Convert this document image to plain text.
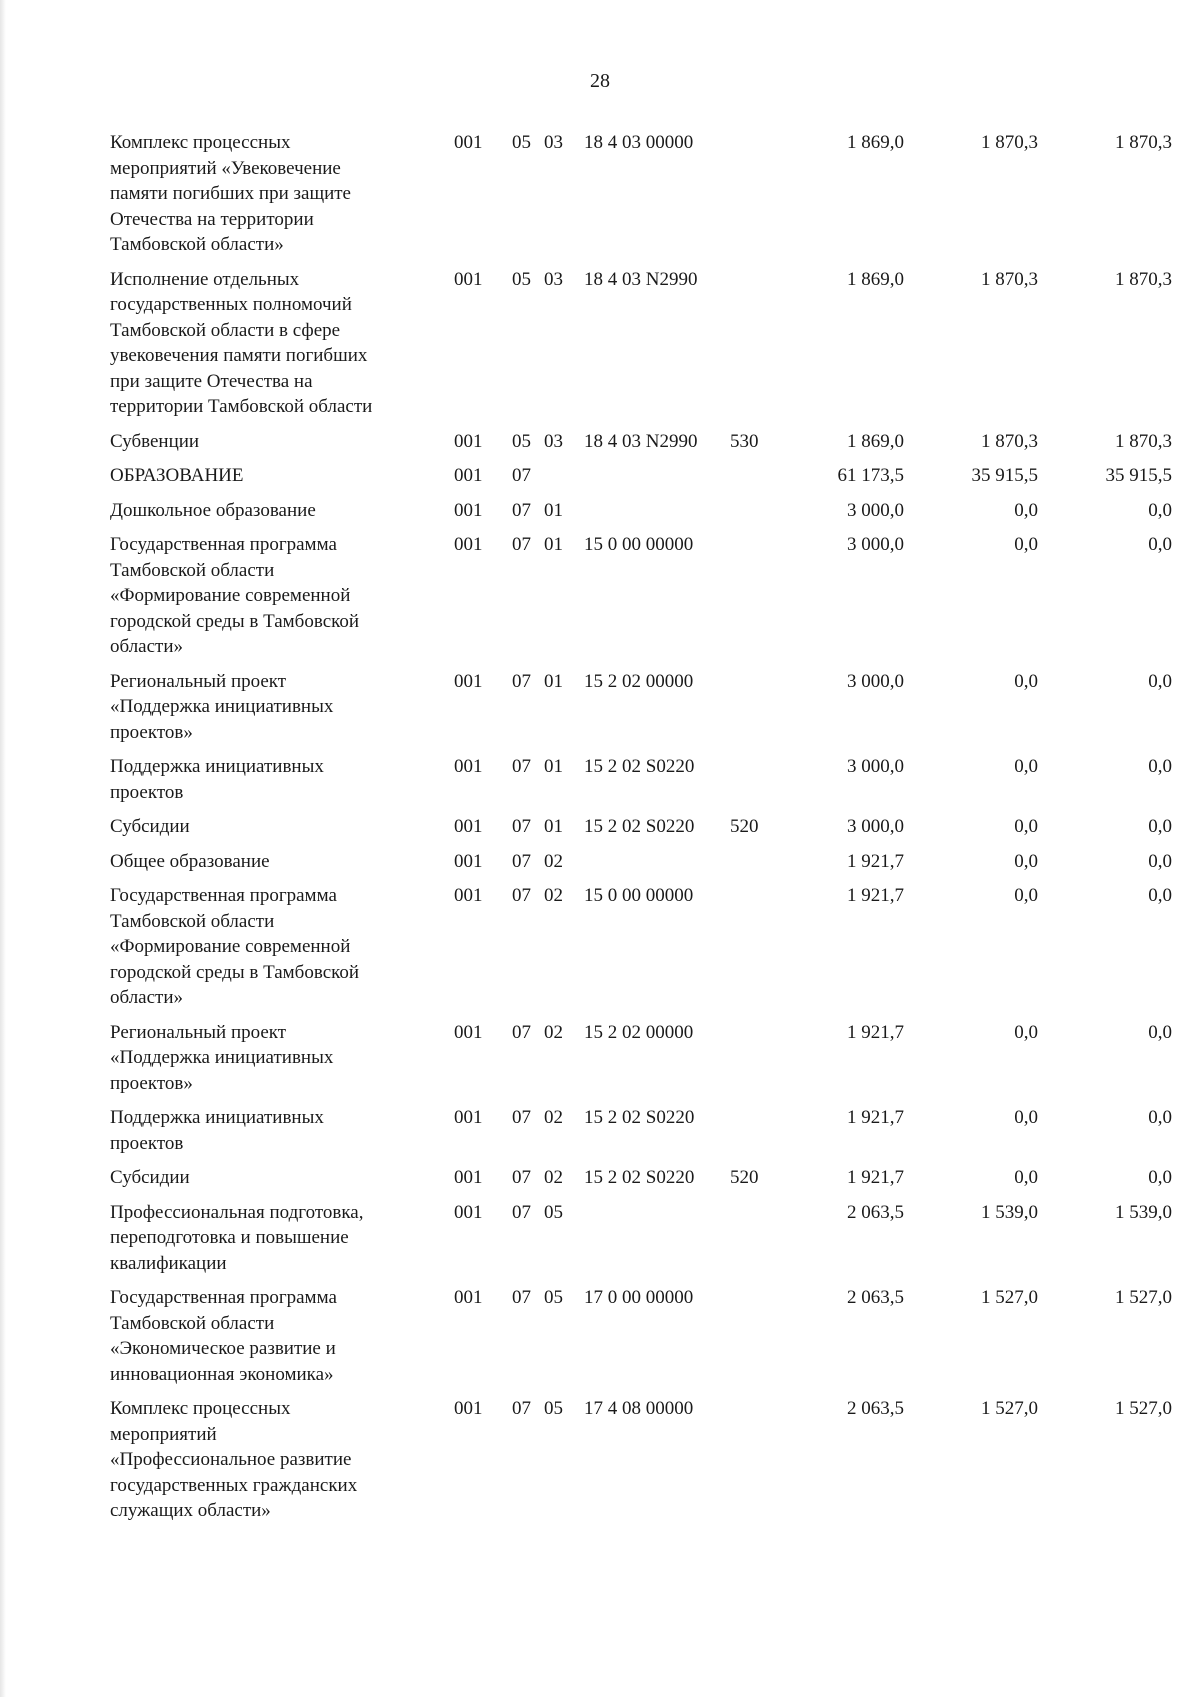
28
Комплекс процессных
мероприятий «Увековечение
памяти погибших при защите
Отечества на территории
Тамбовской области»
001	05 03	18 4 03 00000	1 869,0	1 870,3	1 870,3
Исполнение отдельных
государственных полномочий
Тамбовской области в сфере
увековечения памяти погибших
при защите Отечества на
территории Тамбовской области
001	05 03	18 4 03 N2990	1 869,0	1 870,3	1 870,3
Субвенции	001	05 03	18 4 03 N2990	530	1 869,0	1 870,3	1 870,3
ОБРАЗОВАНИЕ	001	07	61 173,5	35 915,5	35 915,5
Дошкольное образование	001	07 01	3 000,0	0,0	0,0
Государственная программа
Тамбовской области
«Формирование современной
городской среды в Тамбовской
области»
001	07 01	15 0 00 00000	3 000,0	0,0	0,0
Региональный проект
«Поддержка инициативных
проектов»
001	07 01	15 2 02 00000	3 000,0	0,0	0,0
Поддержка инициативных
проектов
001	07 01	15 2 02 S0220	3 000,0	0,0	0,0
Субсидии	001	07 01	15 2 02 S0220	520	3 000,0	0,0	0,0
Общее образование	001	07 02	1 921,7	0,0	0,0
Государственная программа
Тамбовской области
«Формирование современной
городской среды в Тамбовской
области»
001	07 02	15 0 00 00000	1 921,7	0,0	0,0
Региональный проект
«Поддержка инициативных
проектов»
001	07 02	15 2 02 00000	1 921,7	0,0	0,0
Поддержка инициативных
проектов
001	07 02	15 2 02 S0220	1 921,7	0,0	0,0
Субсидии	001	07 02	15 2 02 S0220	520	1 921,7	0,0	0,0
Профессиональная подготовка,
переподготовка и повышение
квалификации
001	07 05	2 063,5	1 539,0	1 539,0
Государственная программа
Тамбовской области
«Экономическое развитие и
инновационная экономика»
001	07 05	17 0 00 00000	2 063,5	1 527,0	1 527,0
Комплекс процессных
мероприятий
«Профессиональное развитие
государственных гражданских
служащих области»
001	07 05	17 4 08 00000	2 063,5	1 527,0	1 527,0
